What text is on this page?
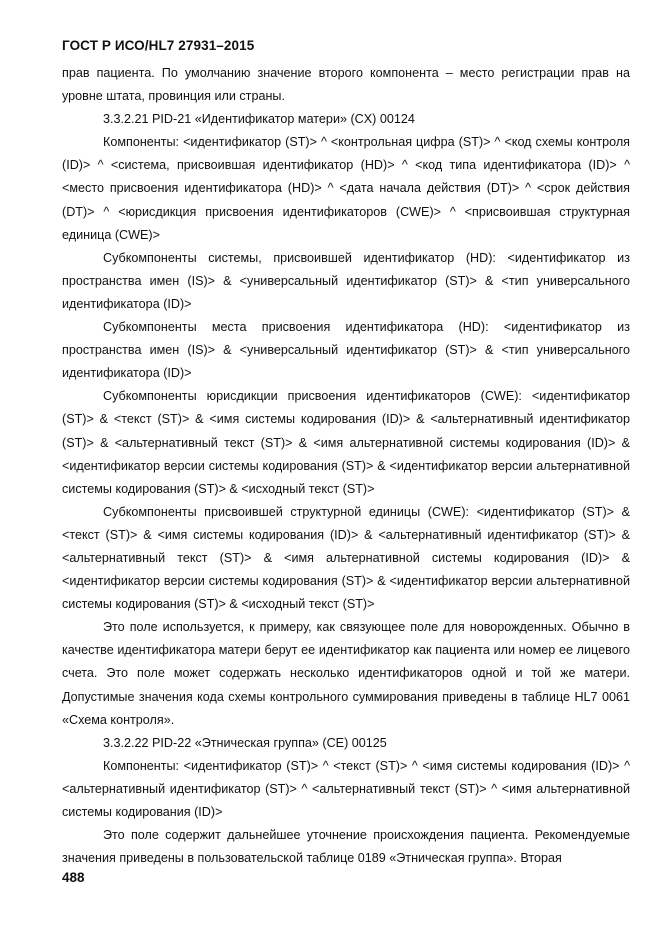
ГОСТ Р ИСО/HL7 27931–2015

прав пациента. По умолчанию значение второго компонента – место регистрации прав на уровне штата, провинция или страны.

3.3.2.21 PID-21 «Идентификатор матери» (CX) 00124

Компоненты: <идентификатор (ST)> ^ <контрольная цифра (ST)> ^ <код схемы контроля (ID)> ^ <система, присвоившая идентификатор (HD)> ^ <код типа идентификатора (ID)> ^ <место присвоения идентификатора (HD)> ^ <дата начала действия (DT)> ^ <срок действия (DT)> ^ <юрисдикция присвоения идентификаторов (CWE)> ^ <присвоившая структурная единица (CWE)>

Субкомпоненты системы, присвоившей идентификатор (HD): <идентификатор из пространства имен (IS)> & <универсальный идентификатор (ST)> & <тип универсального идентификатора (ID)>

Субкомпоненты места присвоения идентификатора (HD): <идентификатор из пространства имен (IS)> & <универсальный идентификатор (ST)> & <тип универсального идентификатора (ID)>

Субкомпоненты юрисдикции присвоения идентификаторов (CWE): <идентификатор (ST)> & <текст (ST)> & <имя системы кодирования (ID)> & <альтернативный идентификатор (ST)> & <альтернативный текст (ST)> & <имя альтернативной системы кодирования (ID)> & <идентификатор версии системы кодирования (ST)> & <идентификатор версии альтернативной системы кодирования (ST)> & <исходный текст (ST)>

Субкомпоненты присвоившей структурной единицы (CWE): <идентификатор (ST)> & <текст (ST)> & <имя системы кодирования (ID)> & <альтернативный идентификатор (ST)> & <альтернативный текст (ST)> & <имя альтернативной системы кодирования (ID)> & <идентификатор версии системы кодирования (ST)> & <идентификатор версии альтернативной системы кодирования (ST)> & <исходный текст (ST)>

Это поле используется, к примеру, как связующее поле для новорожденных. Обычно в качестве идентификатора матери берут ее идентификатор как пациента или номер ее лицевого счета. Это поле может содержать несколько идентификаторов одной и той же матери. Допустимые значения кода схемы контрольного суммирования приведены в таблице HL7 0061 «Схема контроля».

3.3.2.22 PID-22 «Этническая группа» (CE) 00125

Компоненты: <идентификатор (ST)> ^ <текст (ST)> ^ <имя системы кодирования (ID)> ^ <альтернативный идентификатор (ST)> ^ <альтернативный текст (ST)> ^ <имя альтернативной системы кодирования (ID)>

Это поле содержит дальнейшее уточнение происхождения пациента. Рекомендуемые значения приведены в пользовательской таблице 0189 «Этническая группа». Вторая

488
